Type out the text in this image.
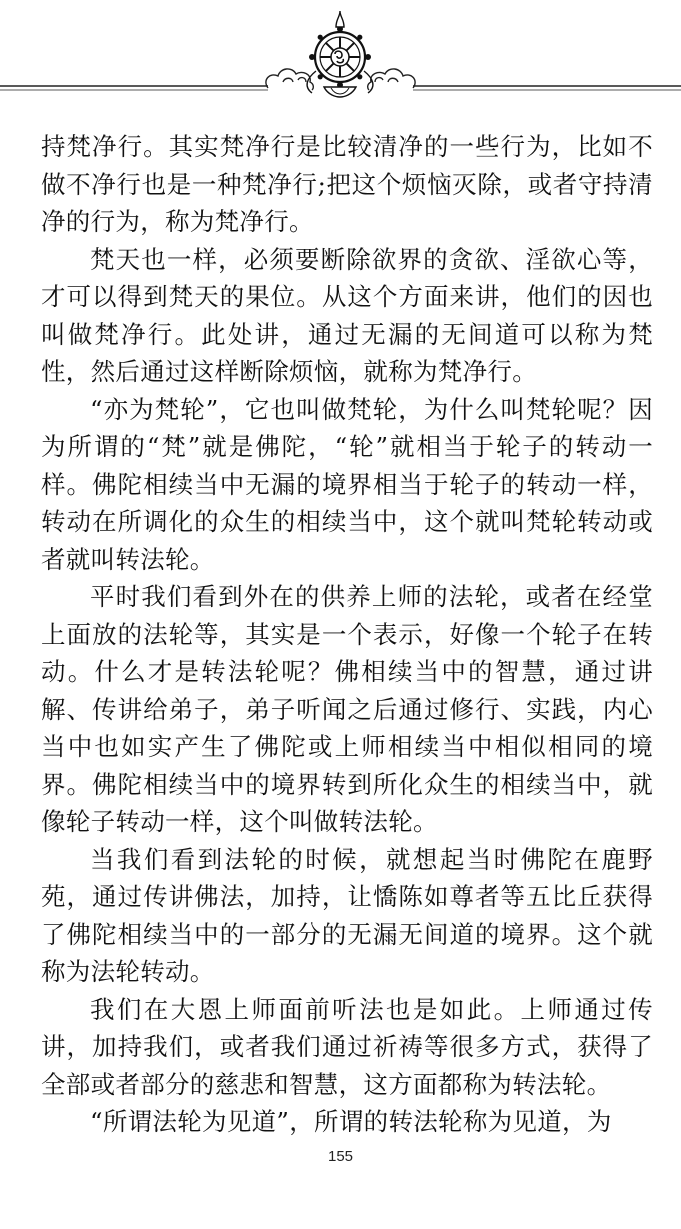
持梵净行。其实梵净行是比较清净的一些行为，比如不做不净行也是一种梵净行;把这个烦恼灭除，或者守持清净的行为，称为梵净行。

梵天也一样，必须要断除欲界的贪欲、淫欲心等，才可以得到梵天的果位。从这个方面来讲，他们的因也叫做梵净行。此处讲，通过无漏的无间道可以称为梵性，然后通过这样断除烦恼，就称为梵净行。

“亦为梵轮”，它也叫做梵轮，为什么叫梵轮呢？因为所谓的“梵”就是佛陀，“轮”就相当于轮子的转动一样。佛陀相续当中无漏的境界相当于轮子的转动一样，转动在所调化的众生的相续当中，这个就叫梵轮转动或者就叫转法轮。

平时我们看到外在的供养上师的法轮，或者在经堂上面放的法轮等，其实是一个表示，好像一个轮子在转动。什么才是转法轮呢？佛相续当中的智慧，通过讲解、传讲给弟子，弟子听闻之后通过修行、实践，内心当中也如实产生了佛陀或上师相续当中相似相同的境界。佛陀相续当中的境界转到所化众生的相续当中，就像轮子转动一样，这个叫做转法轮。

当我们看到法轮的时候，就想起当时佛陀在鹿野苑，通过传讲佛法，加持，让憍陈如尊者等五比丘获得了佛陀相续当中的一部分的无漏无间道的境界。这个就称为法轮转动。

我们在大恩上师面前听法也是如此。上师通过传讲，加持我们，或者我们通过祈祷等很多方式，获得了全部或者部分的慈悲和智慧，这方面都称为转法轮。

“所谓法轮为见道”，所谓的转法轮称为见道，为

155
